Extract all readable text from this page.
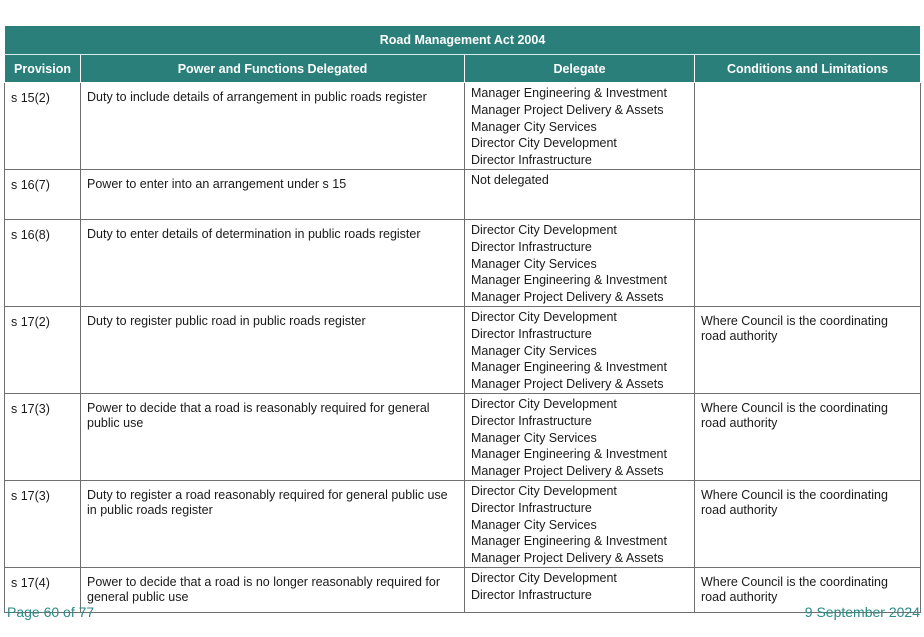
Road Management Act 2004			
Provision	Power and Functions Delegated	Delegate	Conditions and Limitations
s 15(2)	Duty to include details of arrangement in public roads register	Manager Engineering & Investment
Manager Project Delivery & Assets
Manager City Services
Director City Development
Director Infrastructure	

s 16(7)	Power to enter into an arrangement under s 15	Not delegated	

s 16(8)	Duty to enter details of determination in public roads register	Director City Development
Director Infrastructure
Manager City Services
Manager Engineering & Investment
Manager Project Delivery & Assets	

s 17(2)	Duty to register public road in public roads register	Director City Development
Director Infrastructure
Manager City Services
Manager Engineering & Investment
Manager Project Delivery & Assets	Where Council is the coordinating road authority
s 17(3)	Power to decide that a road is reasonably required for general public use	Director City Development
Director Infrastructure
Manager City Services
Manager Engineering & Investment
Manager Project Delivery & Assets	Where Council is the coordinating road authority
s 17(3)	Duty to register a road reasonably required for general public use in public roads register	Director City Development
Director Infrastructure
Manager City Services
Manager Engineering & Investment
Manager Project Delivery & Assets	Where Council is the coordinating road authority
s 17(4)	Power to decide that a road is no longer reasonably required for general public use	Director City Development
Director Infrastructure	Where Council is the coordinating road authority
Page 60 of 77	9 September 2024
